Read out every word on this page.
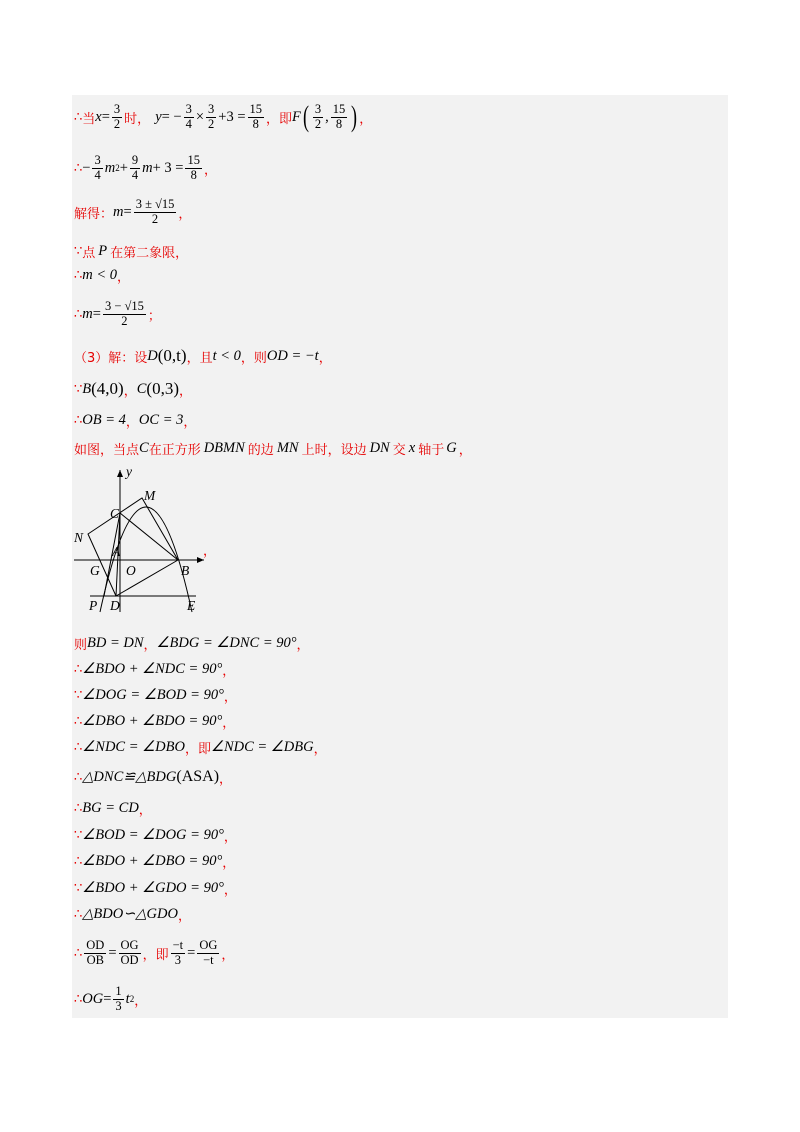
∴ 当 $x = \frac{3}{2}$ 时， y = − $\frac{3}{4} \times \frac{3}{2} +3 = \frac{15}{8}$ ，即 F ( $\frac{3}{2}$ , $\frac{15}{8}$ ) ，
∴ − $\frac{3}{4}$ m $2 + \frac{9}{4}$ $m + 3 = \frac{15}{8}$ ，
解得： $m = \frac{3 \pm √15}{2}$ ，
∵ 点 P 在第二象限，
∴ m < 0 ，
∴ $m = \frac{3 - √15}{2}$ ；
（3）解：设 D (0,t) ，且 t < 0 ，则 OD = −t ，
∵ B (4,0) ， C (0,3) ，
∴ OB = 4 ， OC = 3 ，
如图，当点 C 在正方形 DBMN 的边 MN 上时，设边 DN 交 x 轴于 G ，
y
M
C
N
A
G O	B
P D	E
，
则 BD = DN ， ∠BDG = ∠DNC = 90° ，
∴ ∠BDO + ∠NDC = 90° ，
∵ ∠DOG = ∠BOD = 90° ，
∴ ∠DBO + ∠BDO = 90° ，
∴ ∠NDC = ∠DBO ，即 ∠NDC = ∠DBG ，
∴ △DNC≌△BDG (ASA) ，
∴ BG = CD ，
∵ ∠BOD = ∠DOG = 90° ，
∴ ∠BDO + ∠DBO = 90° ，
∵ ∠BDO + ∠GDO = 90° ，
∴ △BDO∽△GDO ，
∴ $\frac{OD}{OB} = \frac{OG}{OD}$ ，即 $\frac{-t}{3} = \frac{OG}{-t}$ ，
∴ OG = $\frac{1}{3}$ t 2 ，
